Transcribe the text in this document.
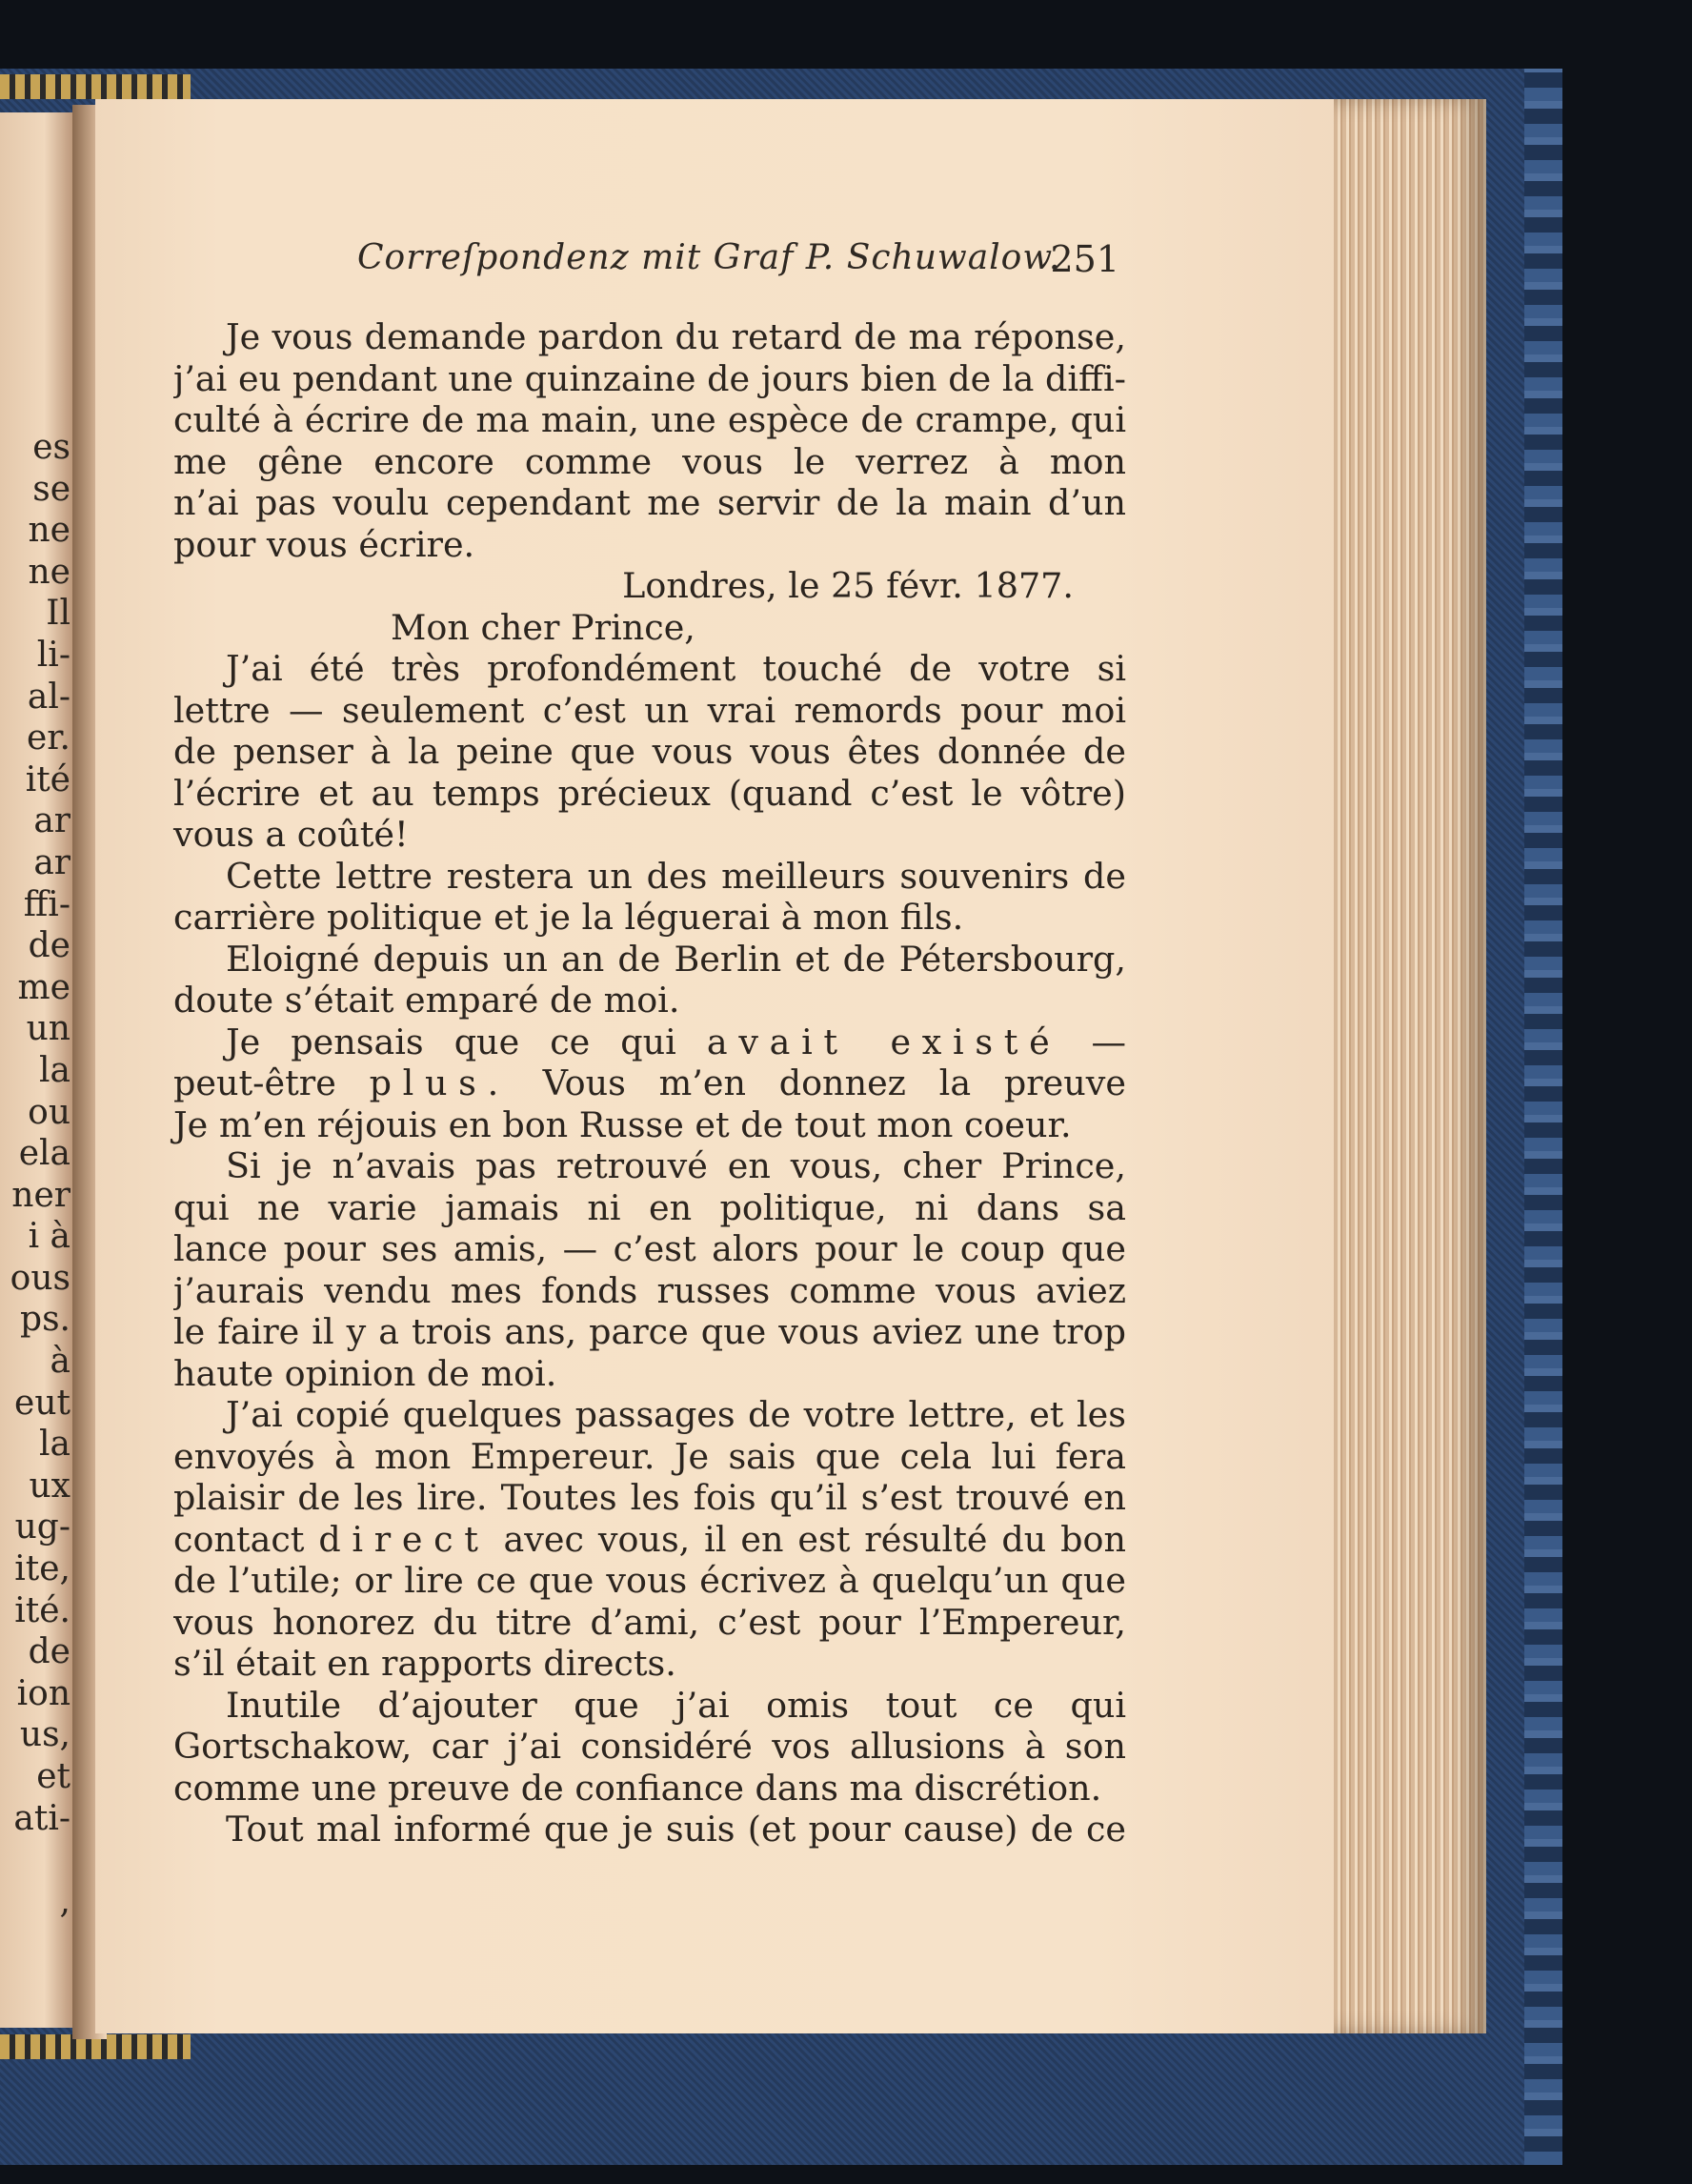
es
se
ne
ne
Il
li-
al-
er.
ité
ar
ar
ffi-
de
me
un
la
ou
ela
ner
i à
ous
ps.
à
eut
la
ux
ug-
ite,
ité.
de
ion
us,
et
ati-
,
Correſpondenz mit Graf P. Schuwalow.
251
Je vous demande pardon du retard de ma réponse,
j’ai eu pendant une quinzaine de jours bien de la diffi-
culté à écrire de ma main, une espèce de crampe, qui
me gêne encore comme vous le verrez à mon
n’ai pas voulu cependant me servir de la main d’un
pour vous écrire.
Londres, le 25 févr. 1877.
Mon cher Prince,
J’ai été très profondément touché de votre si
lettre — seulement c’est un vrai remords pour moi
de penser à la peine que vous vous êtes donnée de
l’écrire et au temps précieux (quand c’est le vôtre)
vous a coûté!
Cette lettre restera un des meilleurs souvenirs de
carrière politique et je la léguerai à mon fils.
Eloigné depuis un an de Berlin et de Pétersbourg,
doute s’était emparé de moi.
Je pensais que ce qui avait existé —
peut-être plus. Vous m’en donnez la preuve
Je m’en réjouis en bon Russe et de tout mon coeur.
Si je n’avais pas retrouvé en vous, cher Prince,
qui ne varie jamais ni en politique, ni dans sa
lance pour ses amis, — c’est alors pour le coup que
j’aurais vendu mes fonds russes comme vous aviez
le faire il y a trois ans, parce que vous aviez une trop
haute opinion de moi.
J’ai copié quelques passages de votre lettre, et les
envoyés à mon Empereur. Je sais que cela lui fera
plaisir de les lire. Toutes les fois qu’il s’est trouvé en
contact direct avec vous, il en est résulté du bon
de l’utile; or lire ce que vous écrivez à quelqu’un que
vous honorez du titre d’ami, c’est pour l’Empereur,
s’il était en rapports directs.
Inutile d’ajouter que j’ai omis tout ce qui
Gortschakow, car j’ai considéré vos allusions à son
comme une preuve de confiance dans ma discrétion.
Tout mal informé que je suis (et pour cause) de ce
